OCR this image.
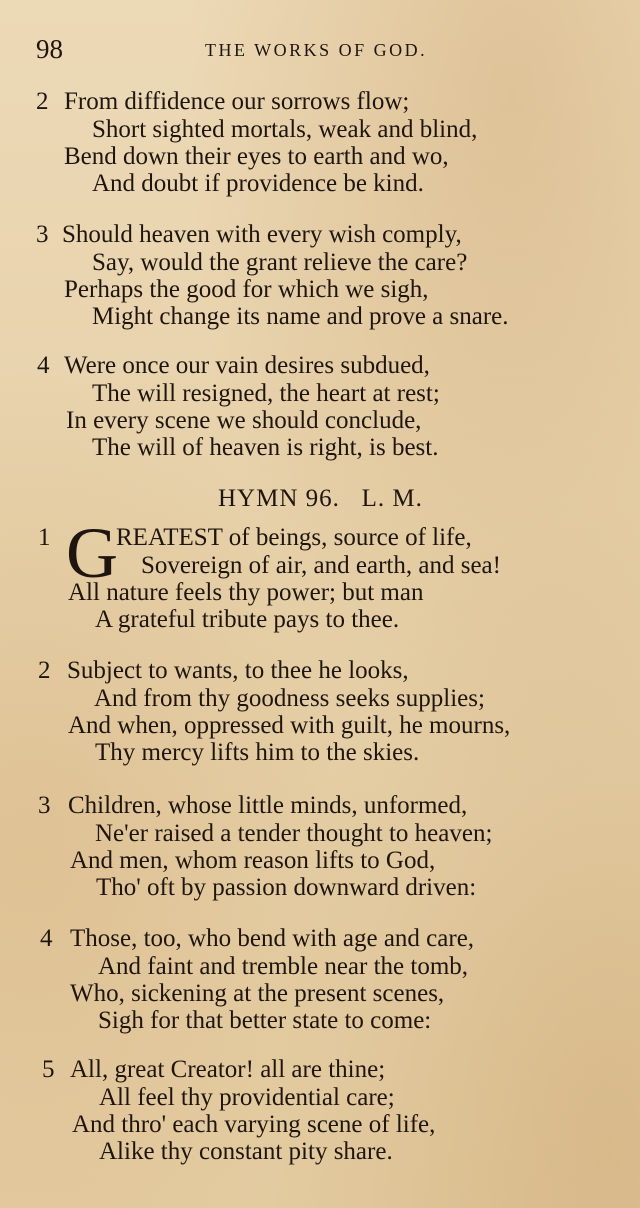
98	THE WORKS OF GOD.
2 From diffidence our sorrows flow;
Short sighted mortals, weak and blind,
Bend down their eyes to earth and wo,
And doubt if providence be kind.
3 Should heaven with every wish comply,
Say, would the grant relieve the care?
Perhaps the good for which we sigh,
Might change its name and prove a snare.
4 Were once our vain desires subdued,
The will resigned, the heart at rest;
In every scene we should conclude,
The will of heaven is right, is best.
HYMN 96.   L. M.
1 G
REATEST of beings, source of life,
Sovereign of air, and earth, and sea!
All nature feels thy power; but man
A grateful tribute pays to thee.
2 Subject to wants, to thee he looks,
And from thy goodness seeks supplies;
And when, oppressed with guilt, he mourns,
Thy mercy lifts him to the skies.
3 Children, whose little minds, unformed,
Ne'er raised a tender thought to heaven;
And men, whom reason lifts to God,
Tho' oft by passion downward driven:
4 Those, too, who bend with age and care,
And faint and tremble near the tomb,
Who, sickening at the present scenes,
Sigh for that better state to come:
5 All, great Creator! all are thine;
All feel thy providential care;
And thro' each varying scene of life,
Alike thy constant pity share.
